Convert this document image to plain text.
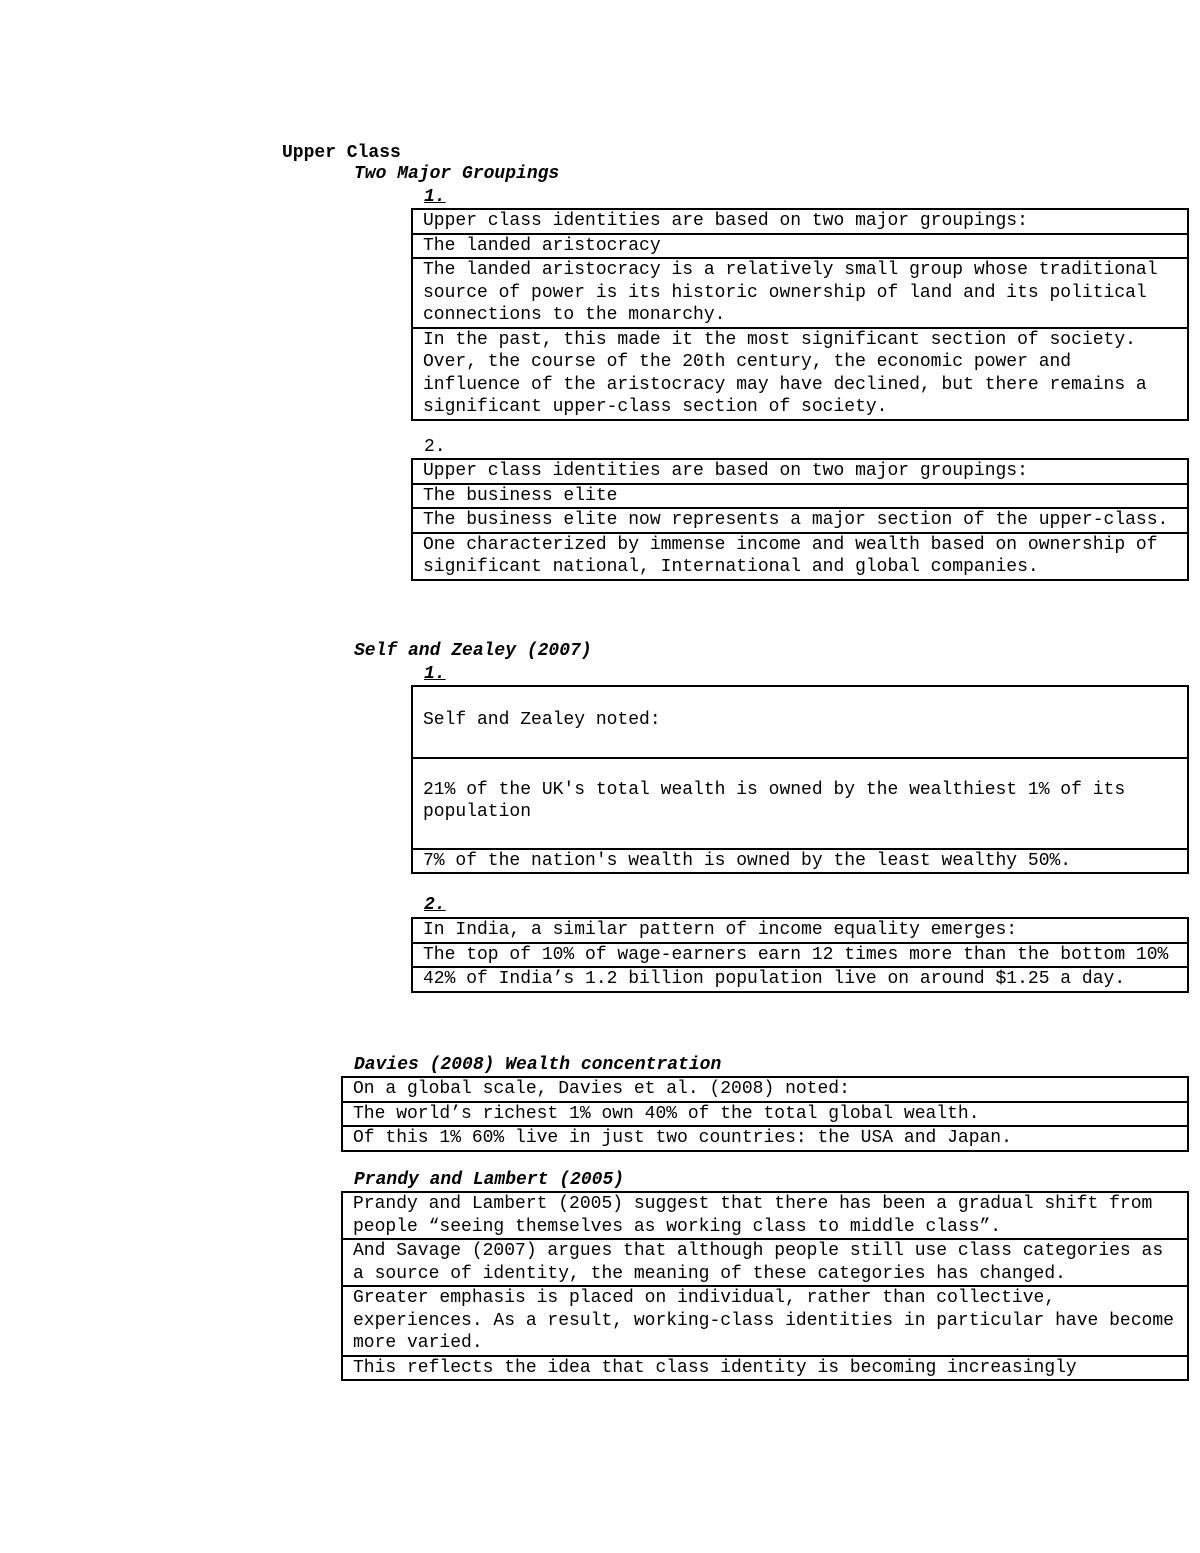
Upper Class
Two Major Groupings
1.
Upper class identities are based on two major groupings:
The landed aristocracy
The landed aristocracy is a relatively small group whose traditional source of power is its historic ownership of land and its political connections to the monarchy.
In the past, this made it the most significant section of society. Over, the course of the 20th century, the economic power and influence of the aristocracy may have declined, but there remains a significant upper-class section of society.
2.
Upper class identities are based on two major groupings:
The business elite
The business elite now represents a major section of the upper-class.
One characterized by immense income and wealth based on ownership of significant national, International and global companies.
Self and Zealey (2007)
1.
Self and Zealey noted:
21% of the UK's total wealth is owned by the wealthiest 1% of its population
7% of the nation's wealth is owned by the least wealthy 50%.
2.
In India, a similar pattern of income equality emerges:
The top of 10% of wage-earners earn 12 times more than the bottom 10%
42% of India’s 1.2 billion population live on around $1.25 a day.
Davies (2008) Wealth concentration
On a global scale, Davies et al. (2008) noted:
The world’s richest 1% own 40% of the total global wealth.
Of this 1% 60% live in just two countries: the USA and Japan.
Prandy and Lambert (2005)
Prandy and Lambert (2005) suggest that there has been a gradual shift from people “seeing themselves as working class to middle class”.
And Savage (2007) argues that although people still use class categories as a source of identity, the meaning of these categories has changed.
Greater emphasis is placed on individual, rather than collective, experiences. As a result, working-class identities in particular have become more varied.
This reflects the idea that class identity is becoming increasingly
